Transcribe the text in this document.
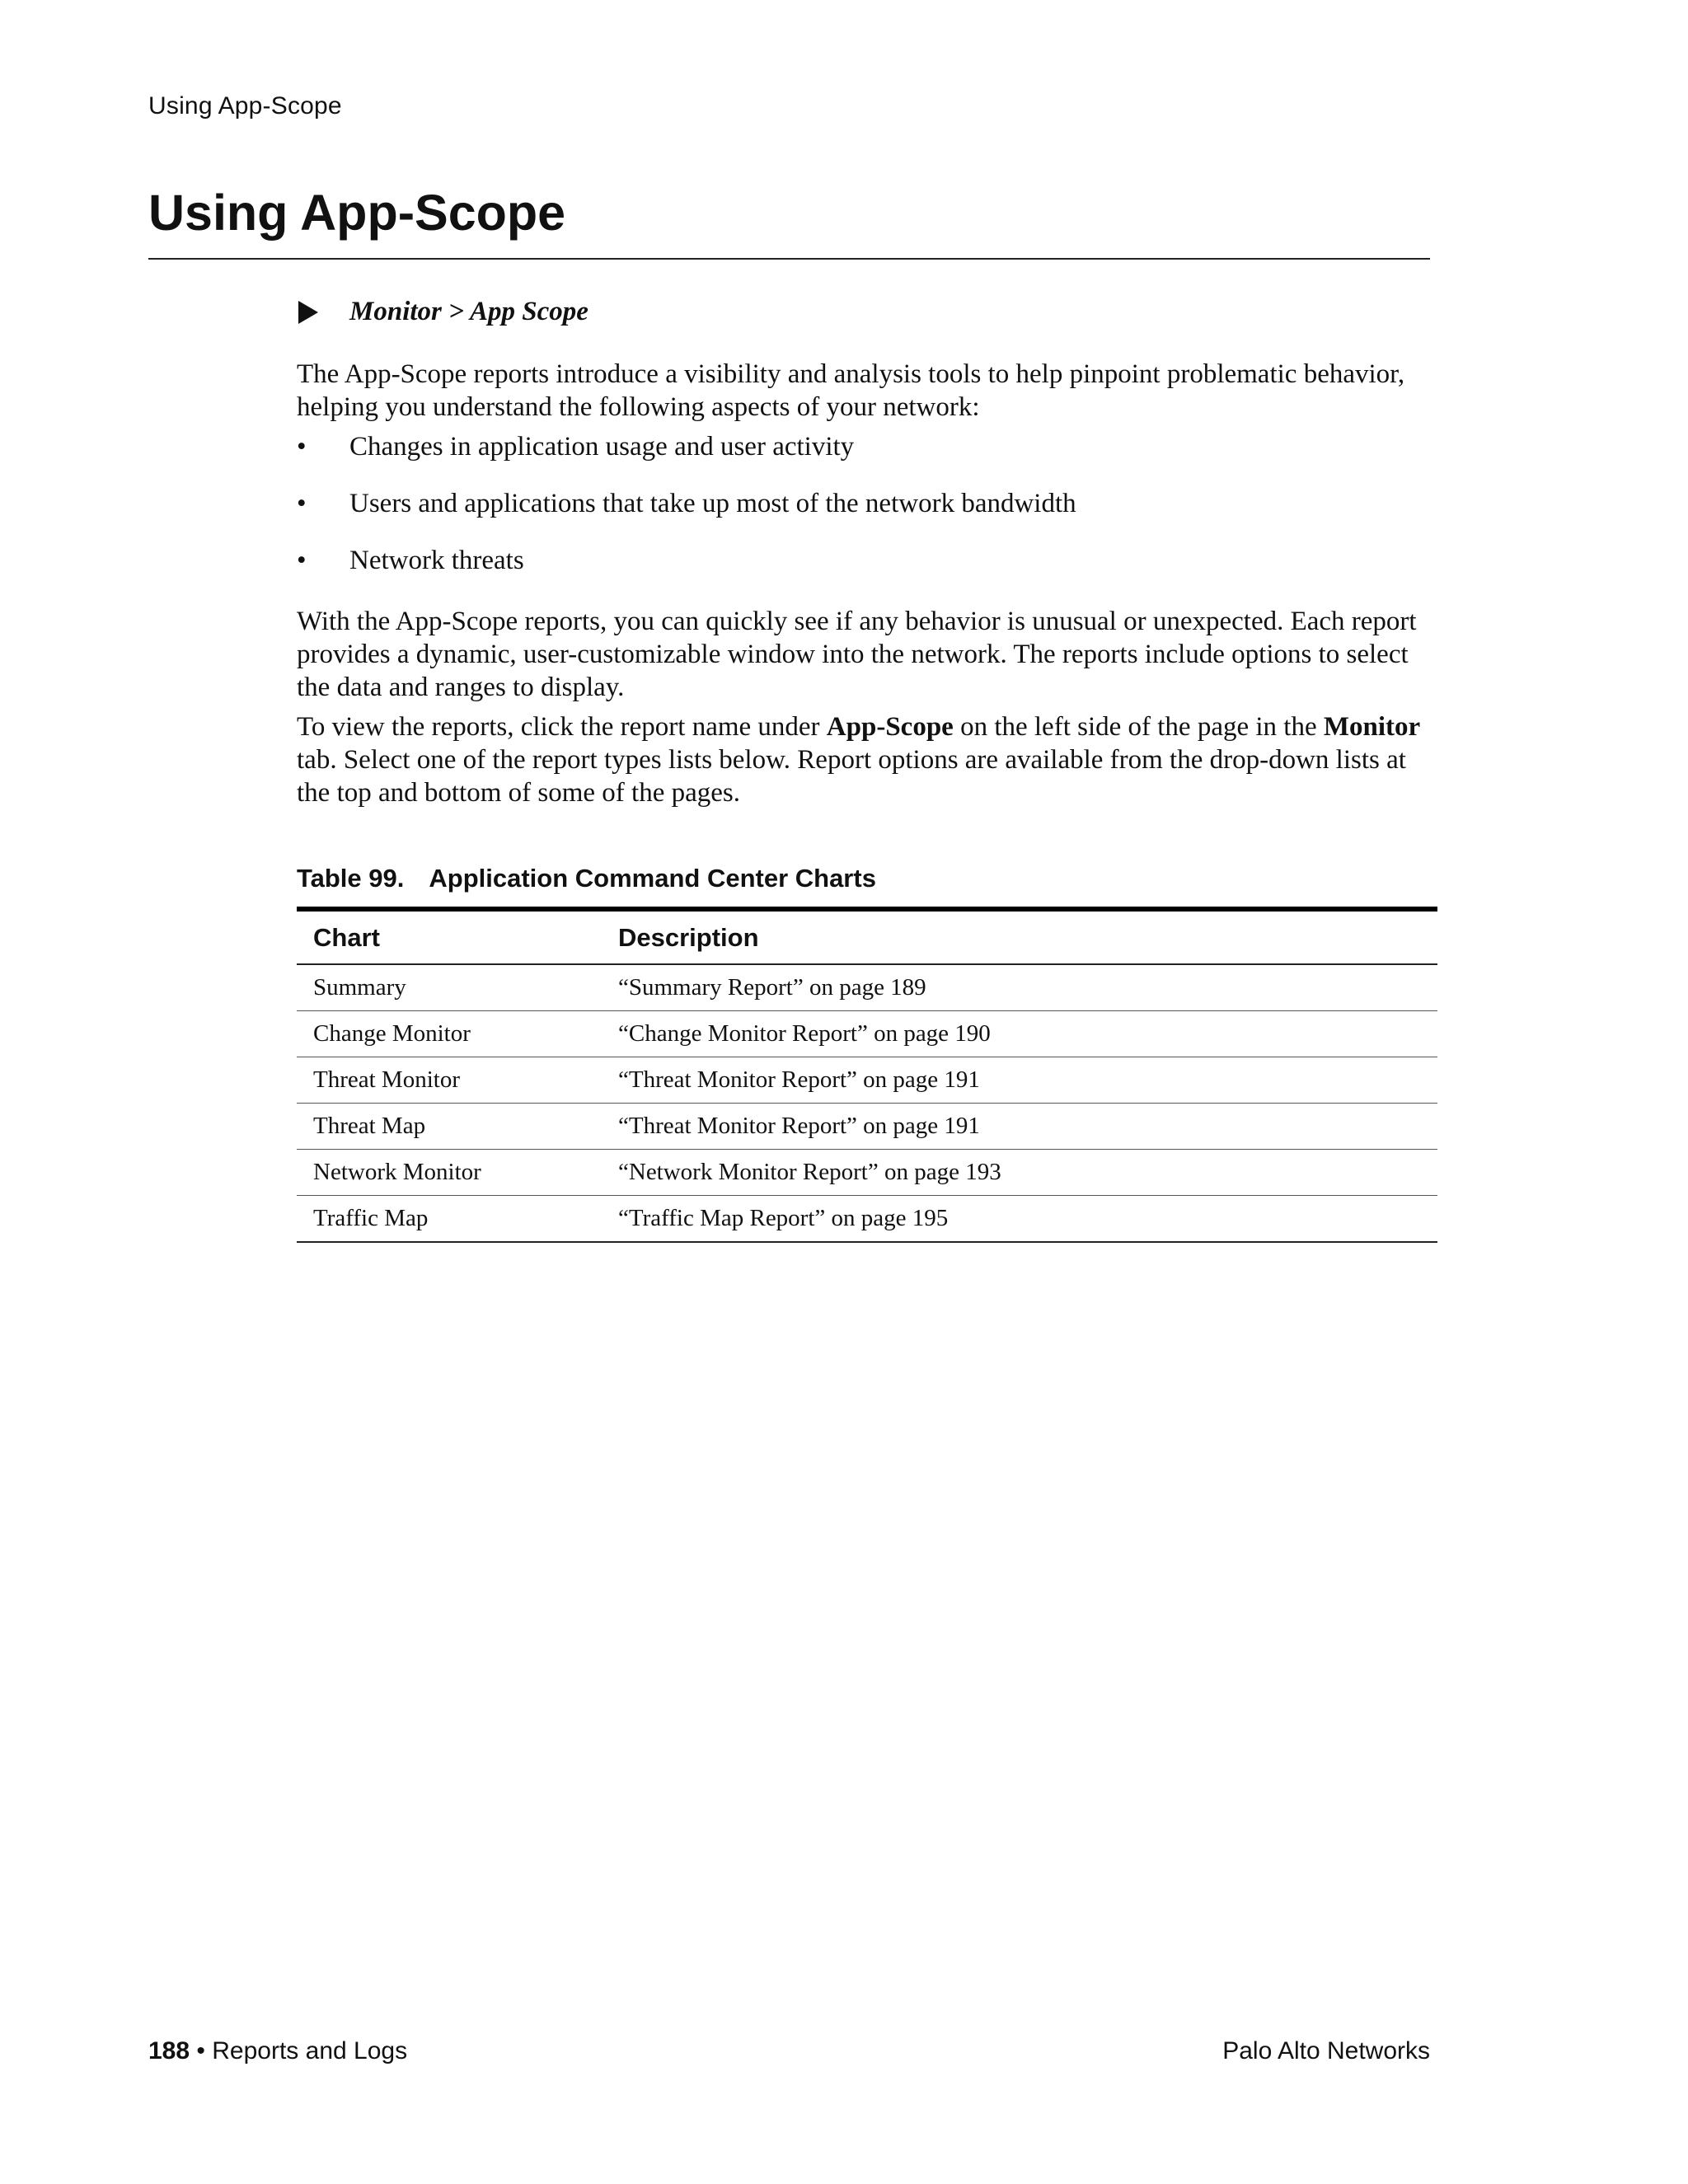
Using App-Scope
Using App-Scope
Monitor > App Scope

The App-Scope reports introduce a visibility and analysis tools to help pinpoint problematic behavior, helping you understand the following aspects of your network:

• Changes in application usage and user activity
• Users and applications that take up most of the network bandwidth
• Network threats

With the App-Scope reports, you can quickly see if any behavior is unusual or unexpected. Each report provides a dynamic, user-customizable window into the network. The reports include options to select the data and ranges to display.

To view the reports, click the report name under App-Scope on the left side of the page in the Monitor tab. Select one of the report types lists below. Report options are available from the drop-down lists at the top and bottom of some of the pages.

Table 99. Application Command Center Charts
Chart	Description
Summary	“Summary Report” on page 189
Change Monitor	“Change Monitor Report” on page 190
Threat Monitor	“Threat Monitor Report” on page 191
Threat Map	“Threat Monitor Report” on page 191
Network Monitor	“Network Monitor Report” on page 193
Traffic Map	“Traffic Map Report” on page 195
188 • Reports and Logs	Palo Alto Networks
